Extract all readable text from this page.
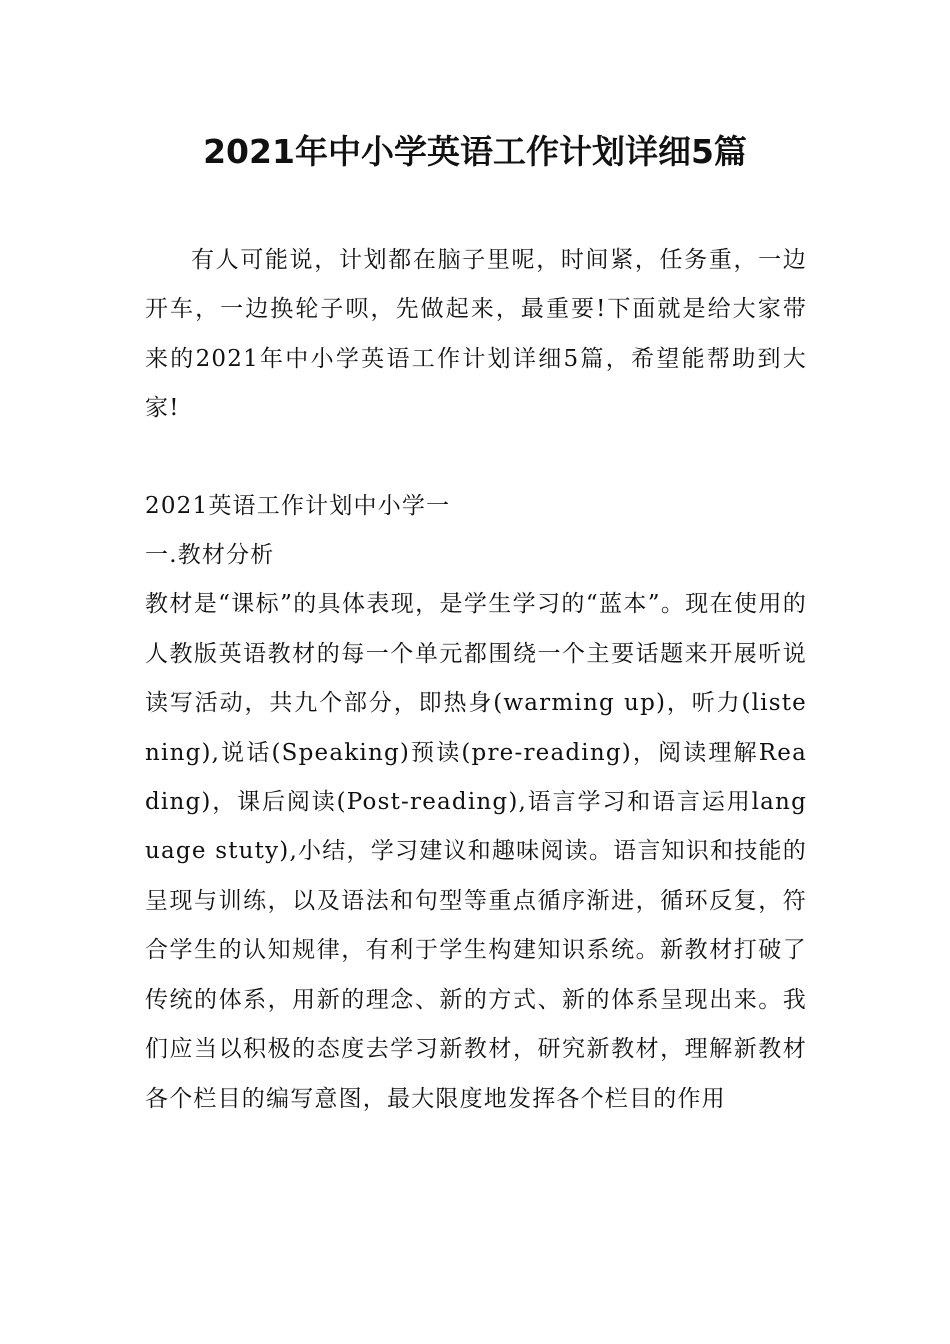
2021年中小学英语工作计划详细5篇

有人可能说，计划都在脑子里呢，时间紧，任务重，一边开车，一边换轮子呗，先做起来，最重要!下面就是给大家带来的2021年中小学英语工作计划详细5篇，希望能帮助到大家!

2021英语工作计划中小学一

一.教材分析

教材是“课标”的具体表现，是学生学习的“蓝本”。现在使用的人教版英语教材的每一个单元都围绕一个主要话题来开展听说读写活动，共九个部分，即热身(warming up)，听力(listening),说话(Speaking)预读(pre-reading)，阅读理解Reading)，课后阅读(Post-reading),语言学习和语言运用language stuty),小结，学习建议和趣味阅读。语言知识和技能的呈现与训练，以及语法和句型等重点循序渐进，循环反复，符合学生的认知规律，有利于学生构建知识系统。新教材打破了传统的体系，用新的理念、新的方式、新的体系呈现出来。我们应当以积极的态度去学习新教材，研究新教材，理解新教材各个栏目的编写意图，最大限度地发挥各个栏目的作用
